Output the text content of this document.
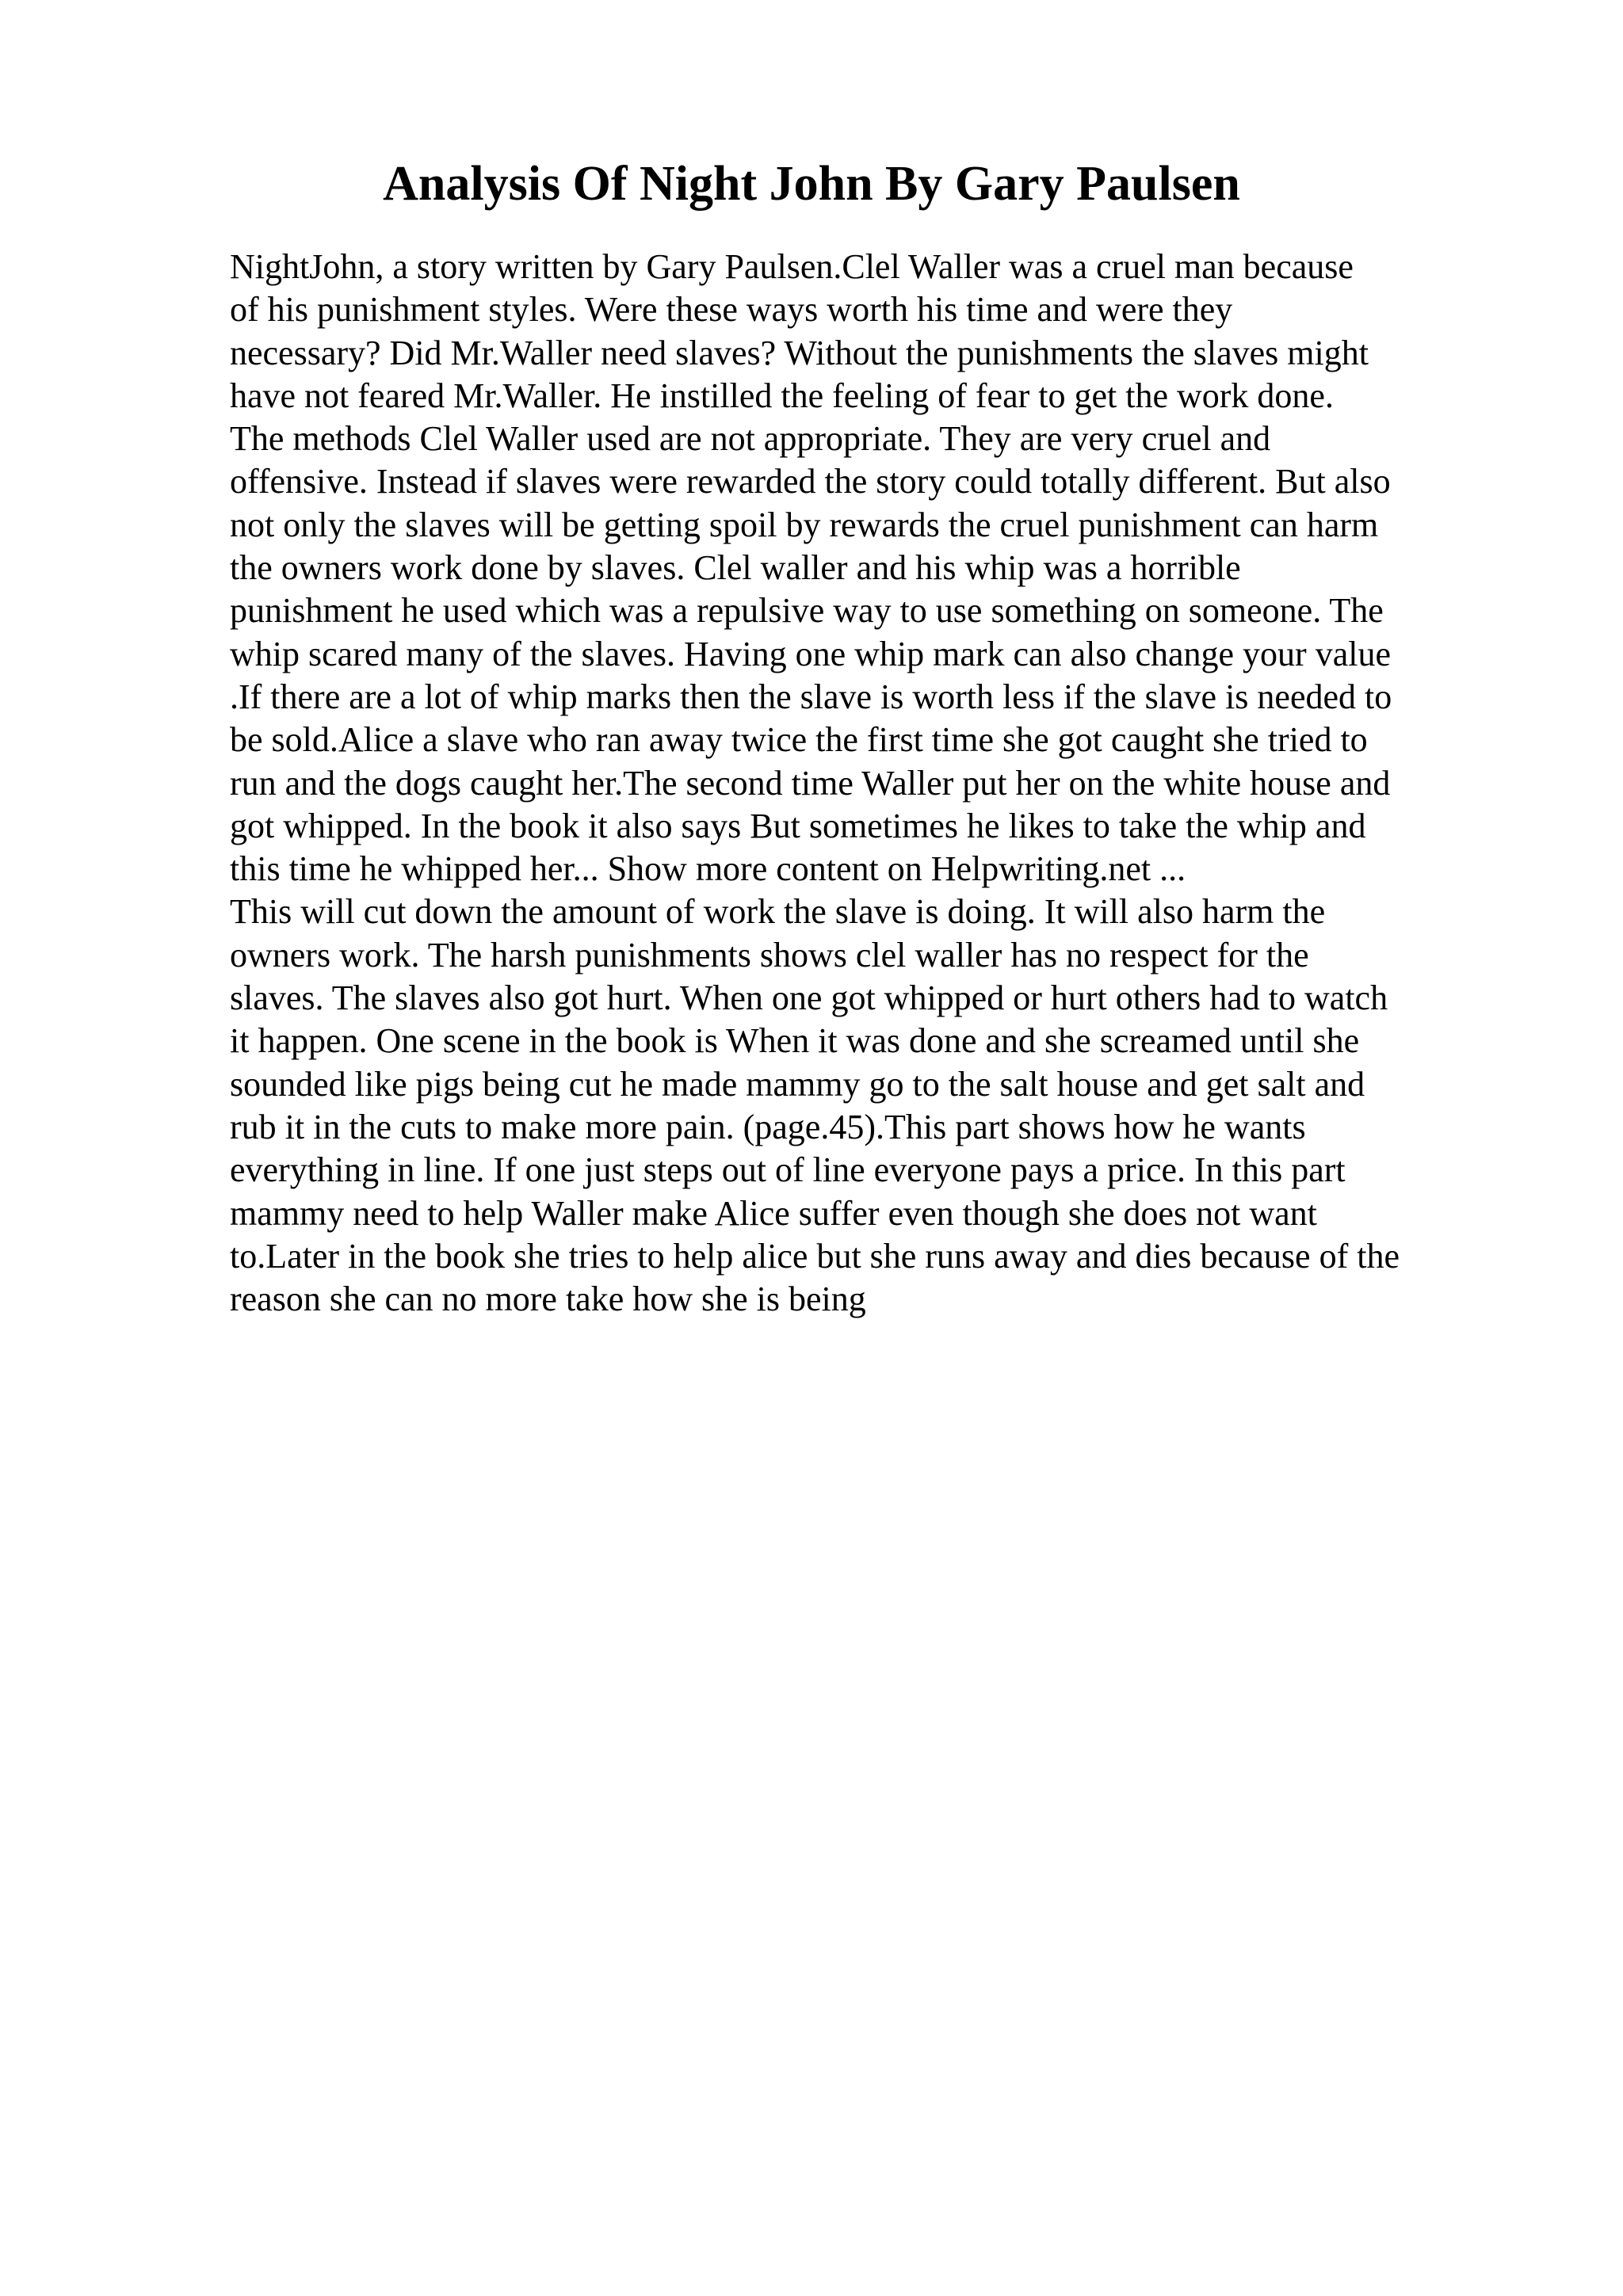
Analysis Of Night John By Gary Paulsen
NightJohn, a story written by Gary Paulsen.Clel Waller was a cruel man because
of his punishment styles. Were these ways worth his time and were they
necessary? Did Mr.Waller need slaves? Without the punishments the slaves might
have not feared Mr.Waller. He instilled the feeling of fear to get the work done.
The methods Clel Waller used are not appropriate. They are very cruel and
offensive. Instead if slaves were rewarded the story could totally different. But also
not only the slaves will be getting spoil by rewards the cruel punishment can harm
the owners work done by slaves. Clel waller and his whip was a horrible
punishment he used which was a repulsive way to use something on someone. The
whip scared many of the slaves. Having one whip mark can also change your value
.If there are a lot of whip marks then the slave is worth less if the slave is needed to
be sold.Alice a slave who ran away twice the first time she got caught she tried to
run and the dogs caught her.The second time Waller put her on the white house and
got whipped. In the book it also says But sometimes he likes to take the whip and
this time he whipped her... Show more content on Helpwriting.net ...
This will cut down the amount of work the slave is doing. It will also harm the
owners work. The harsh punishments shows clel waller has no respect for the
slaves. The slaves also got hurt. When one got whipped or hurt others had to watch
it happen. One scene in the book is When it was done and she screamed until she
sounded like pigs being cut he made mammy go to the salt house and get salt and
rub it in the cuts to make more pain. (page.45).This part shows how he wants
everything in line. If one just steps out of line everyone pays a price. In this part
mammy need to help Waller make Alice suffer even though she does not want
to.Later in the book she tries to help alice but she runs away and dies because of the
reason she can no more take how she is being
